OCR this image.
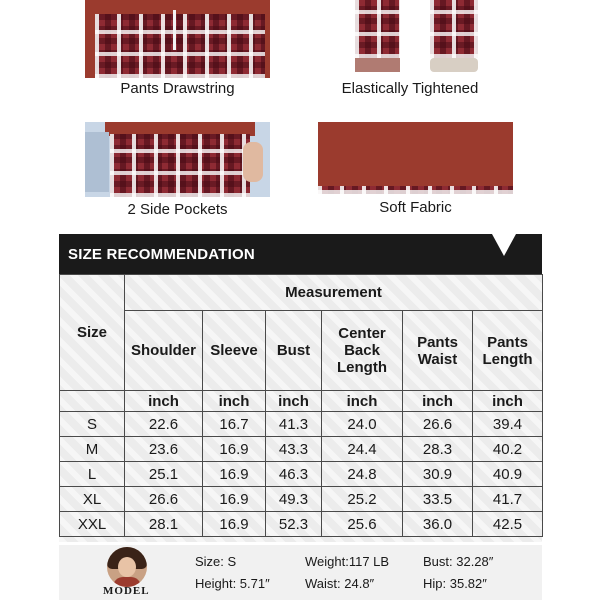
Pants Drawstring	Elastically Tightened
2 Side Pockets	Soft Fabric
SIZE RECOMMENDATION
Size	Measurement					
	Shoulder	Sleeve	Bust	Center Back Length	Pants Waist	Pants Length
	inch	inch	inch	inch	inch	inch
S	22.6	16.7	41.3	24.0	26.6	39.4
M	23.6	16.9	43.3	24.4	28.3	40.2
L	25.1	16.9	46.3	24.8	30.9	40.9
XL	26.6	16.9	49.3	25.2	33.5	41.7
XXL	28.1	16.9	52.3	25.6	36.0	42.5
MODEL
Size: S
Height: 5.71″
Weight:117 LB
Waist: 24.8″
Bust: 32.28″
Hip: 35.82″
